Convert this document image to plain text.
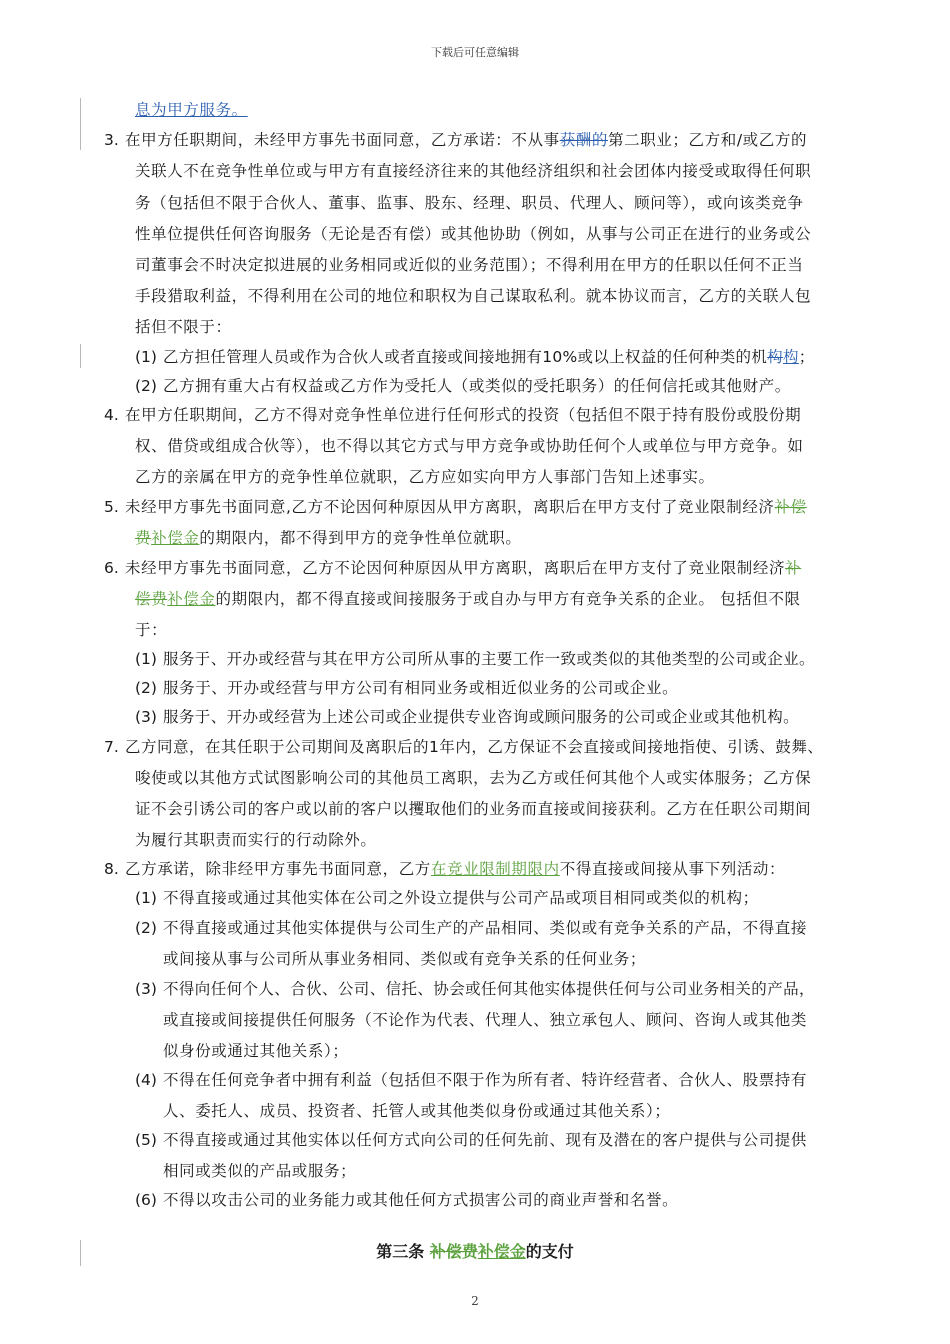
下载后可任意编辑
息为甲方服务。
3. 在甲方任职期间，未经甲方事先书面同意，乙方承诺：不从事获酬的第二职业；乙方和/或乙方的
关联人不在竞争性单位或与甲方有直接经济往来的其他经济组织和社会团体内接受或取得任何职
务（包括但不限于合伙人、董事、监事、股东、经理、职员、代理人、顾问等），或向该类竞争
性单位提供任何咨询服务（无论是否有偿）或其他协助（例如，从事与公司正在进行的业务或公
司董事会不时决定拟进展的业务相同或近似的业务范围）；不得利用在甲方的任职以任何不正当
手段猎取利益，不得利用在公司的地位和职权为自己谋取私利。就本协议而言，乙方的关联人包
括但不限于：
(1) 乙方担任管理人员或作为合伙人或者直接或间接地拥有10%或以上权益的任何种类的机构构；
(2) 乙方拥有重大占有权益或乙方作为受托人（或类似的受托职务）的任何信托或其他财产。
4. 在甲方任职期间，乙方不得对竞争性单位进行任何形式的投资（包括但不限于持有股份或股份期
权、借贷或组成合伙等），也不得以其它方式与甲方竞争或协助任何个人或单位与甲方竞争。如
乙方的亲属在甲方的竞争性单位就职，乙方应如实向甲方人事部门告知上述事实。
5. 未经甲方事先书面同意,乙方不论因何种原因从甲方离职，离职后在甲方支付了竞业限制经济补偿
费补偿金的期限内，都不得到甲方的竞争性单位就职。
6. 未经甲方事先书面同意，乙方不论因何种原因从甲方离职，离职后在甲方支付了竞业限制经济补
偿费补偿金的期限内，都不得直接或间接服务于或自办与甲方有竞争关系的企业。 包括但不限
于：
(1) 服务于、开办或经营与其在甲方公司所从事的主要工作一致或类似的其他类型的公司或企业。
(2) 服务于、开办或经营与甲方公司有相同业务或相近似业务的公司或企业。
(3) 服务于、开办或经营为上述公司或企业提供专业咨询或顾问服务的公司或企业或其他机构。
7. 乙方同意，在其任职于公司期间及离职后的1年内，乙方保证不会直接或间接地指使、引诱、鼓舞、
唆使或以其他方式试图影响公司的其他员工离职，去为乙方或任何其他个人或实体服务；乙方保
证不会引诱公司的客户或以前的客户以攫取他们的业务而直接或间接获利。乙方在任职公司期间
为履行其职责而实行的行动除外。
8. 乙方承诺，除非经甲方事先书面同意，乙方在竞业限制期限内不得直接或间接从事下列活动：
(1) 不得直接或通过其他实体在公司之外设立提供与公司产品或项目相同或类似的机构；
(2) 不得直接或通过其他实体提供与公司生产的产品相同、类似或有竞争关系的产品，不得直接
或间接从事与公司所从事业务相同、类似或有竞争关系的任何业务；
(3) 不得向任何个人、合伙、公司、信托、协会或任何其他实体提供任何与公司业务相关的产品，
或直接或间接提供任何服务（不论作为代表、代理人、独立承包人、顾问、咨询人或其他类
似身份或通过其他关系）；
(4) 不得在任何竞争者中拥有利益（包括但不限于作为所有者、特许经营者、合伙人、股票持有
人、委托人、成员、投资者、托管人或其他类似身份或通过其他关系）；
(5) 不得直接或通过其他实体以任何方式向公司的任何先前、现有及潜在的客户提供与公司提供
相同或类似的产品或服务；
(6) 不得以攻击公司的业务能力或其他任何方式损害公司的商业声誉和名誉。
第三条 补偿费补偿金的支付
2
